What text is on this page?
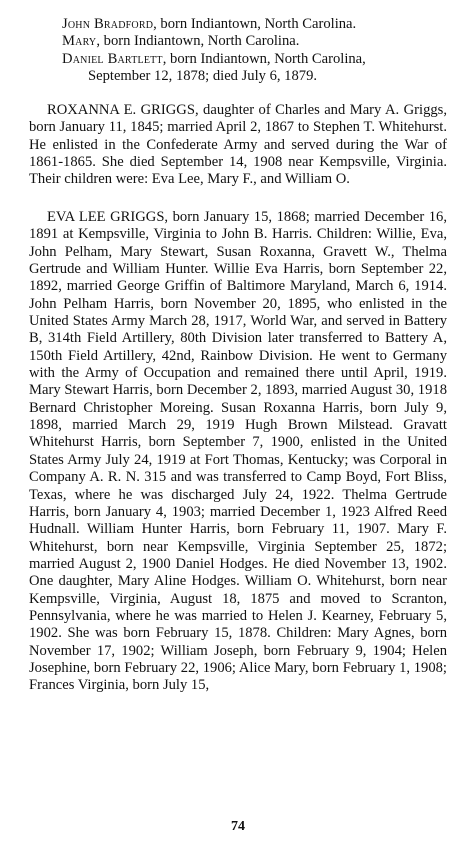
John Bradford, born Indiantown, North Carolina.

Mary, born Indiantown, North Carolina.

Daniel Bartlett, born Indiantown, North Carolina,
September 12, 1878; died July 6, 1879.

ROXANNA E. GRIGGS, daughter of Charles and Mary A. Griggs, born January 11, 1845; married April 2, 1867 to Stephen T. Whitehurst. He enlisted in the Confederate Army and served during the War of 1861-1865. She died September 14, 1908 near Kempsville, Virginia. Their children were: Eva Lee, Mary F., and William O.

EVA LEE GRIGGS, born January 15, 1868; married December 16, 1891 at Kempsville, Virginia to John B. Harris. Children: Willie, Eva, John Pelham, Mary Stewart, Susan Roxanna, Gravett W., Thelma Gertrude and William Hunter. Willie Eva Harris, born September 22, 1892, married George Griffin of Baltimore Maryland, March 6, 1914. John Pelham Harris, born November 20, 1895, who enlisted in the United States Army March 28, 1917, World War, and served in Battery B, 314th Field Artillery, 80th Division later transferred to Battery A, 150th Field Artillery, 42nd, Rainbow Division. He went to Germany with the Army of Occupation and remained there until April, 1919. Mary Stewart Harris, born December 2, 1893, married August 30, 1918 Bernard Christopher Moreing. Susan Roxanna Harris, born July 9, 1898, married March 29, 1919 Hugh Brown Milstead. Gravatt Whitehurst Harris, born September 7, 1900, enlisted in the United States Army July 24, 1919 at Fort Thomas, Kentucky; was Corporal in Company A. R. N. 315 and was transferred to Camp Boyd, Fort Bliss, Texas, where he was discharged July 24, 1922. Thelma Gertrude Harris, born January 4, 1903; married December 1, 1923 Alfred Reed Hudnall. William Hunter Harris, born February 11, 1907. Mary F. Whitehurst, born near Kempsville, Virginia September 25, 1872; married August 2, 1900 Daniel Hodges. He died November 13, 1902. One daughter, Mary Aline Hodges. William O. Whitehurst, born near Kempsville, Virginia, August 18, 1875 and moved to Scranton, Pennsylvania, where he was married to Helen J. Kearney, February 5, 1902. She was born February 15, 1878. Children: Mary Agnes, born November 17, 1902; William Joseph, born February 9, 1904; Helen Josephine, born February 22, 1906; Alice Mary, born February 1, 1908; Frances Virginia, born July 15,

74
